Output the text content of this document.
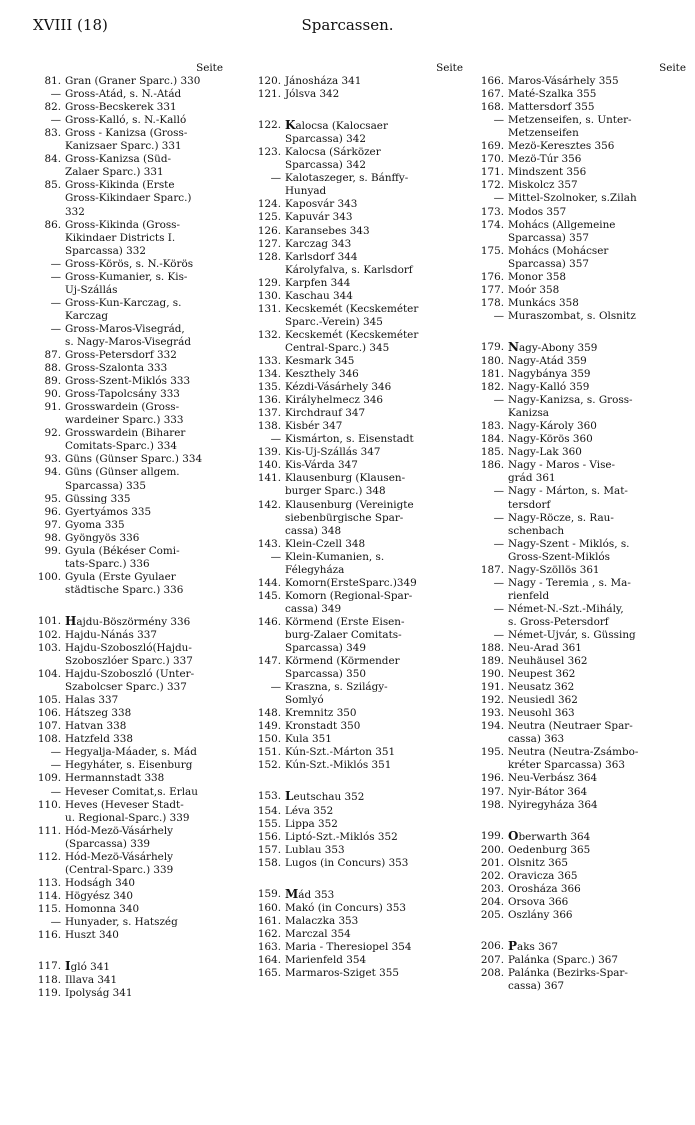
XVIII (18)	Sparcassen.
Seite
81. Gran (Graner Sparc.) 330
— Gross-Atád, s. N.-Atád
82. Gross-Becskerek 331
— Gross-Kalló, s. N.-Kalló
83. Gross - Kanizsa (Gross-
Kanizsaer Sparc.) 331
84. Gross-Kanizsa (Süd-
Zalaer Sparc.) 331
85. Gross-Kikinda (Erste
Gross-Kikindaer Sparc.)
332
86. Gross-Kikinda (Gross-
Kikindaer Districts I.
Sparcassa) 332
— Gross-Körös, s. N.-Körös
— Gross-Kumanier, s. Kis-
Uj-Szállás
— Gross-Kun-Karczag, s.
Karczag
— Gross-Maros-Visegrád,
s. Nagy-Maros-Visegrád
87. Gross-Petersdorf 332
88. Gross-Szalonta 333
89. Gross-Szent-Miklós 333
90. Gross-Tapolcsány 333
91. Grosswardein (Gross-
wardeiner Sparc.) 333
92. Grosswardein (Biharer
Comitats-Sparc.) 334
93. Güns (Günser Sparc.) 334
94. Güns (Günser allgem.
Sparcassa) 335
95. Güssing 335
96. Gyertyámos 335
97. Gyoma 335
98. Gyöngyös 336
99. Gyula (Békéser Comi-
tats-Sparc.) 336
100. Gyula (Erste Gyulaer
städtische Sparc.) 336
101. Hajdu-Böszörmény 336
102. Hajdu-Nánás 337
103. Hajdu-Szoboszló(Hajdu-
Szoboszlóer Sparc.) 337
104. Hajdu-Szoboszló (Unter-
Szabolcser Sparc.) 337
105. Halas 337
106. Hátszeg 338
107. Hatvan 338
108. Hatzfeld 338
— Hegyalja-Máader, s. Mád
— Hegyháter, s. Eisenburg
109. Hermannstadt 338
— Heveser Comitat,s. Erlau
110. Heves (Heveser Stadt-
u. Regional-Sparc.) 339
111. Hód-Mezö-Vásárhely
(Sparcassa) 339
112. Hód-Mezö-Vásárhely
(Central-Sparc.) 339
113. Hodságh 340
114. Högyész 340
115. Homonna 340
— Hunyader, s. Hatszég
116. Huszt 340
117. Igló 341
118. Illava 341
119. Ipolyság 341
Seite
120. Jánosháza 341
121. Jólsva 342
122. Kalocsa (Kalocsaer
Sparcassa) 342
123. Kalocsa (Sárközer
Sparcassa) 342
— Kalotaszeger, s. Bánffy-
Hunyad
124. Kaposvár 343
125. Kapuvár 343
126. Karansebes 343
127. Karczag 343
128. Karlsdorf 344
Károlyfalva, s. Karlsdorf
129. Karpfen 344
130. Kaschau 344
131. Kecskemét (Kecskeméter
Sparc.-Verein) 345
132. Kecskemét (Kecskeméter
Central-Sparc.) 345
133. Kesmark 345
134. Keszthely 346
135. Kézdi-Vásárhely 346
136. Királyhelmecz 346
137. Kirchdrauf 347
138. Kisbér 347
— Kismárton, s. Eisenstadt
139. Kis-Uj-Szállás 347
140. Kis-Várda 347
141. Klausenburg (Klausen-
burger Sparc.) 348
142. Klausenburg (Vereinigte
siebenbürgische Spar-
cassa) 348
143. Klein-Czell 348
— Klein-Kumanien, s.
Félegyháza
144. Komorn(ErsteSparc.)349
145. Komorn (Regional-Spar-
cassa) 349
146. Körmend (Erste Eisen-
burg-Zalaer Comitats-
Sparcassa) 349
147. Körmend (Körmender
Sparcassa) 350
— Kraszna, s. Szilágy-
Somlyó
148. Kremnitz 350
149. Kronstadt 350
150. Kula 351
151. Kún-Szt.-Márton 351
152. Kún-Szt.-Miklós 351
153. Leutschau 352
154. Léva 352
155. Lippa 352
156. Liptó-Szt.-Miklós 352
157. Lublau 353
158. Lugos (in Concurs) 353
159. Mád 353
160. Makó (in Concurs) 353
161. Malaczka 353
162. Marczal 354
163. Maria - Theresiopel 354
164. Marienfeld 354
165. Marmaros-Sziget 355
Seite
166. Maros-Vásárhely 355
167. Maté-Szalka 355
168. Mattersdorf 355
— Metzenseifen, s. Unter-
Metzenseifen
169. Mezö-Keresztes 356
170. Mezö-Túr 356
171. Mindszent 356
172. Miskolcz 357
— Mittel-Szolnoker, s.Zilah
173. Modos 357
174. Mohács (Allgemeine
Sparcassa) 357
175. Mohács (Mohácser
Sparcassa) 357
176. Monor 358
177. Moór 358
178. Munkács 358
— Muraszombat, s. Olsnitz
179. Nagy-Abony 359
180. Nagy-Atád 359
181. Nagybánya 359
182. Nagy-Kalló 359
— Nagy-Kanizsa, s. Gross-
Kanizsa
183. Nagy-Károly 360
184. Nagy-Körös 360
185. Nagy-Lak 360
186. Nagy - Maros - Vise-
grád 361
— Nagy - Márton, s. Mat-
tersdorf
— Nagy-Röcze, s. Rau-
schenbach
— Nagy-Szent - Miklós, s.
Gross-Szent-Miklós
187. Nagy-Szöllös 361
— Nagy - Teremia , s. Ma-
rienfeld
— Német-N.-Szt.-Mihály,
s. Gross-Petersdorf
— Német-Ujvár, s. Güssing
188. Neu-Arad 361
189. Neuhäusel 362
190. Neupest 362
191. Neusatz 362
192. Neusiedl 362
193. Neusohl 363
194. Neutra (Neutraer Spar-
cassa) 363
195. Neutra (Neutra-Zsámbo-
kréter Sparcassa) 363
196. Neu-Verbász 364
197. Nyir-Bátor 364
198. Nyiregyháza 364
199. Oberwarth 364
200. Oedenburg 365
201. Olsnitz 365
202. Oravicza 365
203. Orosháza 366
204. Orsova 366
205. Oszlány 366
206. Paks 367
207. Palánka (Sparc.) 367
208. Palánka (Bezirks-Spar-
cassa) 367
